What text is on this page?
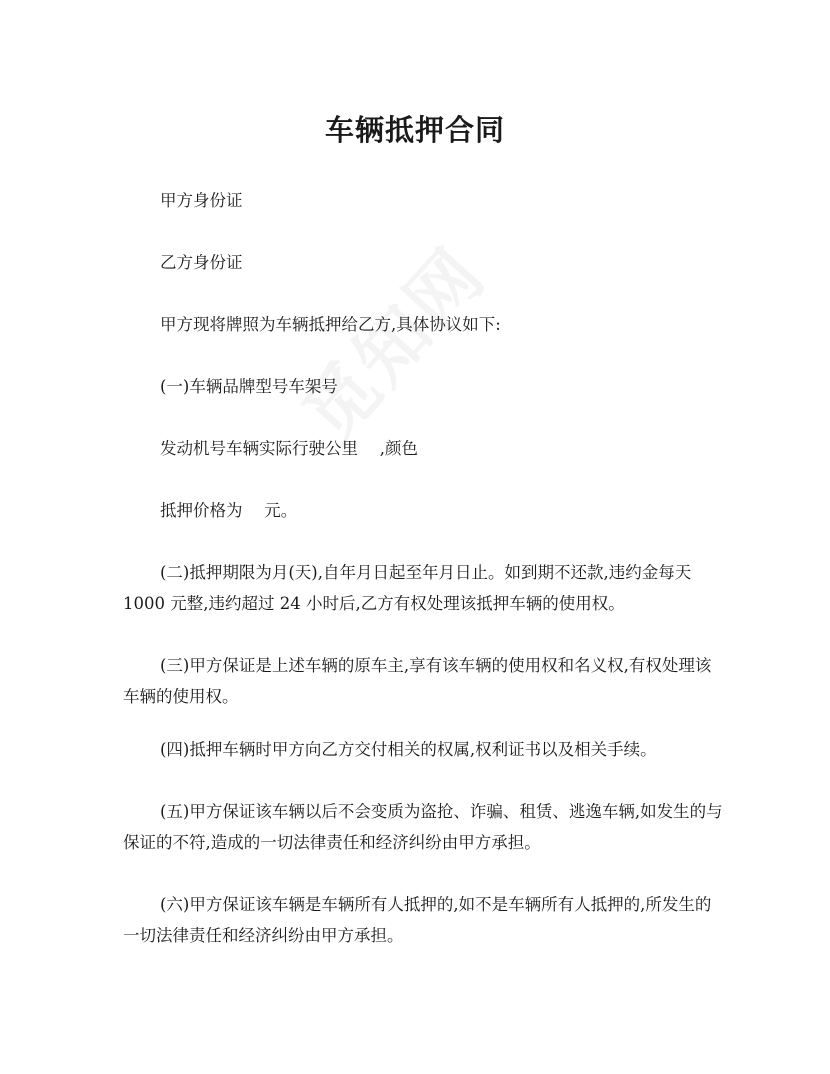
车辆抵押合同

甲方身份证

乙方身份证

甲方现将牌照为车辆抵押给乙方,具体协议如下:

(一)车辆品牌型号车架号

发动机号车辆实际行驶公里　 ,颜色

抵押价格为　 元。

(二)抵押期限为月(天),自年月日起至年月日止。如到期不还款,违约金每天 1000 元整,违约超过 24 小时后,乙方有权处理该抵押车辆的使用权。

(三)甲方保证是上述车辆的原车主,享有该车辆的使用权和名义权,有权处理该车辆的使用权。

(四)抵押车辆时甲方向乙方交付相关的权属,权利证书以及相关手续。

(五)甲方保证该车辆以后不会变质为盗抢、诈骗、租赁、逃逸车辆,如发生的与保证的不符,造成的一切法律责任和经济纠纷由甲方承担。

(六)甲方保证该车辆是车辆所有人抵押的,如不是车辆所有人抵押的,所发生的一切法律责任和经济纠纷由甲方承担。
